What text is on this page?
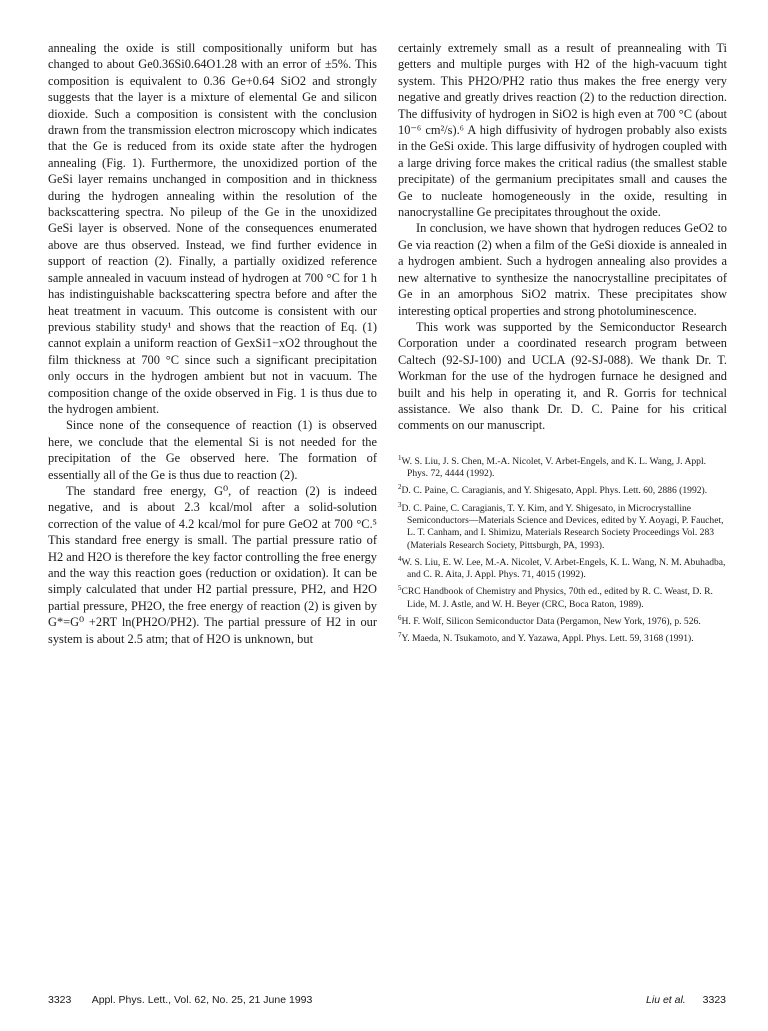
annealing the oxide is still compositionally uniform but has changed to about Ge0.36Si0.64O1.28 with an error of ±5%. This composition is equivalent to 0.36 Ge+0.64 SiO2 and strongly suggests that the layer is a mixture of elemental Ge and silicon dioxide. Such a composition is consistent with the conclusion drawn from the transmission electron microscopy which indicates that the Ge is reduced from its oxide state after the hydrogen annealing (Fig. 1). Furthermore, the unoxidized portion of the GeSi layer remains unchanged in composition and in thickness during the hydrogen annealing within the resolution of the backscattering spectra. No pileup of the Ge in the unoxidized GeSi layer is observed. None of the consequences enumerated above are thus observed. Instead, we find further evidence in support of reaction (2). Finally, a partially oxidized reference sample annealed in vacuum instead of hydrogen at 700 °C for 1 h has indistinguishable backscattering spectra before and after the heat treatment in vacuum. This outcome is consistent with our previous stability study¹ and shows that the reaction of Eq. (1) cannot explain a uniform reaction of GexSi1−xO2 throughout the film thickness at 700 °C since such a significant precipitation only occurs in the hydrogen ambient but not in vacuum. The composition change of the oxide observed in Fig. 1 is thus due to the hydrogen ambient.

Since none of the consequence of reaction (1) is observed here, we conclude that the elemental Si is not needed for the precipitation of the Ge observed here. The formation of essentially all of the Ge is thus due to reaction (2).

The standard free energy, G⁰, of reaction (2) is indeed negative, and is about 2.3 kcal/mol after a solid-solution correction of the value of 4.2 kcal/mol for pure GeO2 at 700 °C.⁵ This standard free energy is small. The partial pressure ratio of H2 and H2O is therefore the key factor controlling the free energy and the way this reaction goes (reduction or oxidation). It can be simply calculated that under H2 partial pressure, PH2, and H2O partial pressure, PH2O, the free energy of reaction (2) is given by G*=G⁰ +2RT ln(PH2O/PH2). The partial pressure of H2 in our system is about 2.5 atm; that of H2O is unknown, but

certainly extremely small as a result of preannealing with Ti getters and multiple purges with H2 of the high-vacuum tight system. This PH2O/PH2 ratio thus makes the free energy very negative and greatly drives reaction (2) to the reduction direction. The diffusivity of hydrogen in SiO2 is high even at 700 °C (about 10⁻⁶ cm²/s).⁶ A high diffusivity of hydrogen probably also exists in the GeSi oxide. This large diffusivity of hydrogen coupled with a large driving force makes the critical radius (the smallest stable precipitate) of the germanium precipitates small and causes the Ge to nucleate homogeneously in the oxide, resulting in nanocrystalline Ge precipitates throughout the oxide.

In conclusion, we have shown that hydrogen reduces GeO2 to Ge via reaction (2) when a film of the GeSi dioxide is annealed in a hydrogen ambient. Such a hydrogen annealing also provides a new alternative to synthesize the nanocrystalline precipitates of Ge in an amorphous SiO2 matrix. These precipitates show interesting optical properties and strong photoluminescence.

This work was supported by the Semiconductor Research Corporation under a coordinated research program between Caltech (92-SJ-100) and UCLA (92-SJ-088). We thank Dr. T. Workman for the use of the hydrogen furnace he designed and built and his help in operating it, and R. Gorris for technical assistance. We also thank Dr. D. C. Paine for his critical comments on our manuscript.

$^1$W. S. Liu, J. S. Chen, M.-A. Nicolet, V. Arbet-Engels, and K. L. Wang, J. Appl. Phys. 72, 4444 (1992).
$^2$D. C. Paine, C. Caragianis, and Y. Shigesato, Appl. Phys. Lett. 60, 2886 (1992).
$^3$D. C. Paine, C. Caragianis, T. Y. Kim, and Y. Shigesato, in Microcrystalline Semiconductors—Materials Science and Devices, edited by Y. Aoyagi, P. Fauchet, L. T. Canham, and I. Shimizu, Materials Research Society Proceedings Vol. 283 (Materials Research Society, Pittsburgh, PA, 1993).
$^4$W. S. Liu, E. W. Lee, M.-A. Nicolet, V. Arbet-Engels, K. L. Wang, N. M. Abuhadba, and C. R. Aita, J. Appl. Phys. 71, 4015 (1992).
$^5$CRC Handbook of Chemistry and Physics, 70th ed., edited by R. C. Weast, D. R. Lide, M. J. Astle, and W. H. Beyer (CRC, Boca Raton, 1989).
$^6$H. F. Wolf, Silicon Semiconductor Data (Pergamon, New York, 1976), p. 526.
$^7$Y. Maeda, N. Tsukamoto, and Y. Yazawa, Appl. Phys. Lett. 59, 3168 (1991).
3323 Appl. Phys. Lett., Vol. 62, No. 25, 21 June 1993	Liu et al. 3323
